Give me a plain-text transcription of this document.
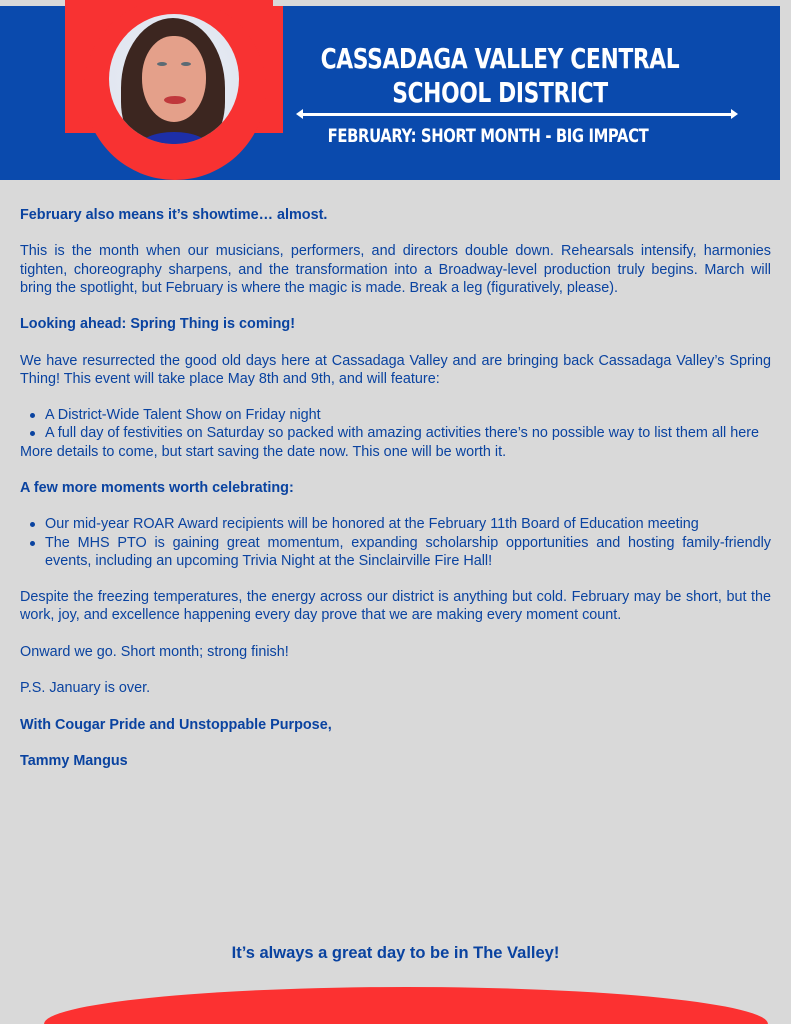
CASSADAGA VALLEY CENTRAL
SCHOOL DISTRICT
FEBRUARY: SHORT MONTH - BIG IMPACT

February also means it’s showtime… almost.

This is the month when our musicians, performers, and directors double down. Rehearsals intensify, harmonies tighten, choreography sharpens, and the transformation into a Broadway-level production truly begins. March will bring the spotlight, but February is where the magic is made. Break a leg (figuratively, please).

Looking ahead: Spring Thing is coming!

We have resurrected the good old days here at Cassadaga Valley and are bringing back Cassadaga Valley’s Spring Thing! This event will take place May 8th and 9th, and will feature:

A District-Wide Talent Show on Friday night
A full day of festivities on Saturday so packed with amazing activities there’s no possible way to list them all here

More details to come, but start saving the date now. This one will be worth it.

A few more moments worth celebrating:

Our mid-year ROAR Award recipients will be honored at the February 11th Board of Education meeting
The MHS PTO is gaining great momentum, expanding scholarship opportunities and hosting family-friendly events, including an upcoming Trivia Night at the Sinclairville Fire Hall!

Despite the freezing temperatures, the energy across our district is anything but cold. February may be short, but the work, joy, and excellence happening every day prove that we are making every moment count.

Onward we go. Short month; strong finish!

P.S. January is over.

With Cougar Pride and Unstoppable Purpose,

Tammy Mangus

It’s always a great day to be in The Valley!
